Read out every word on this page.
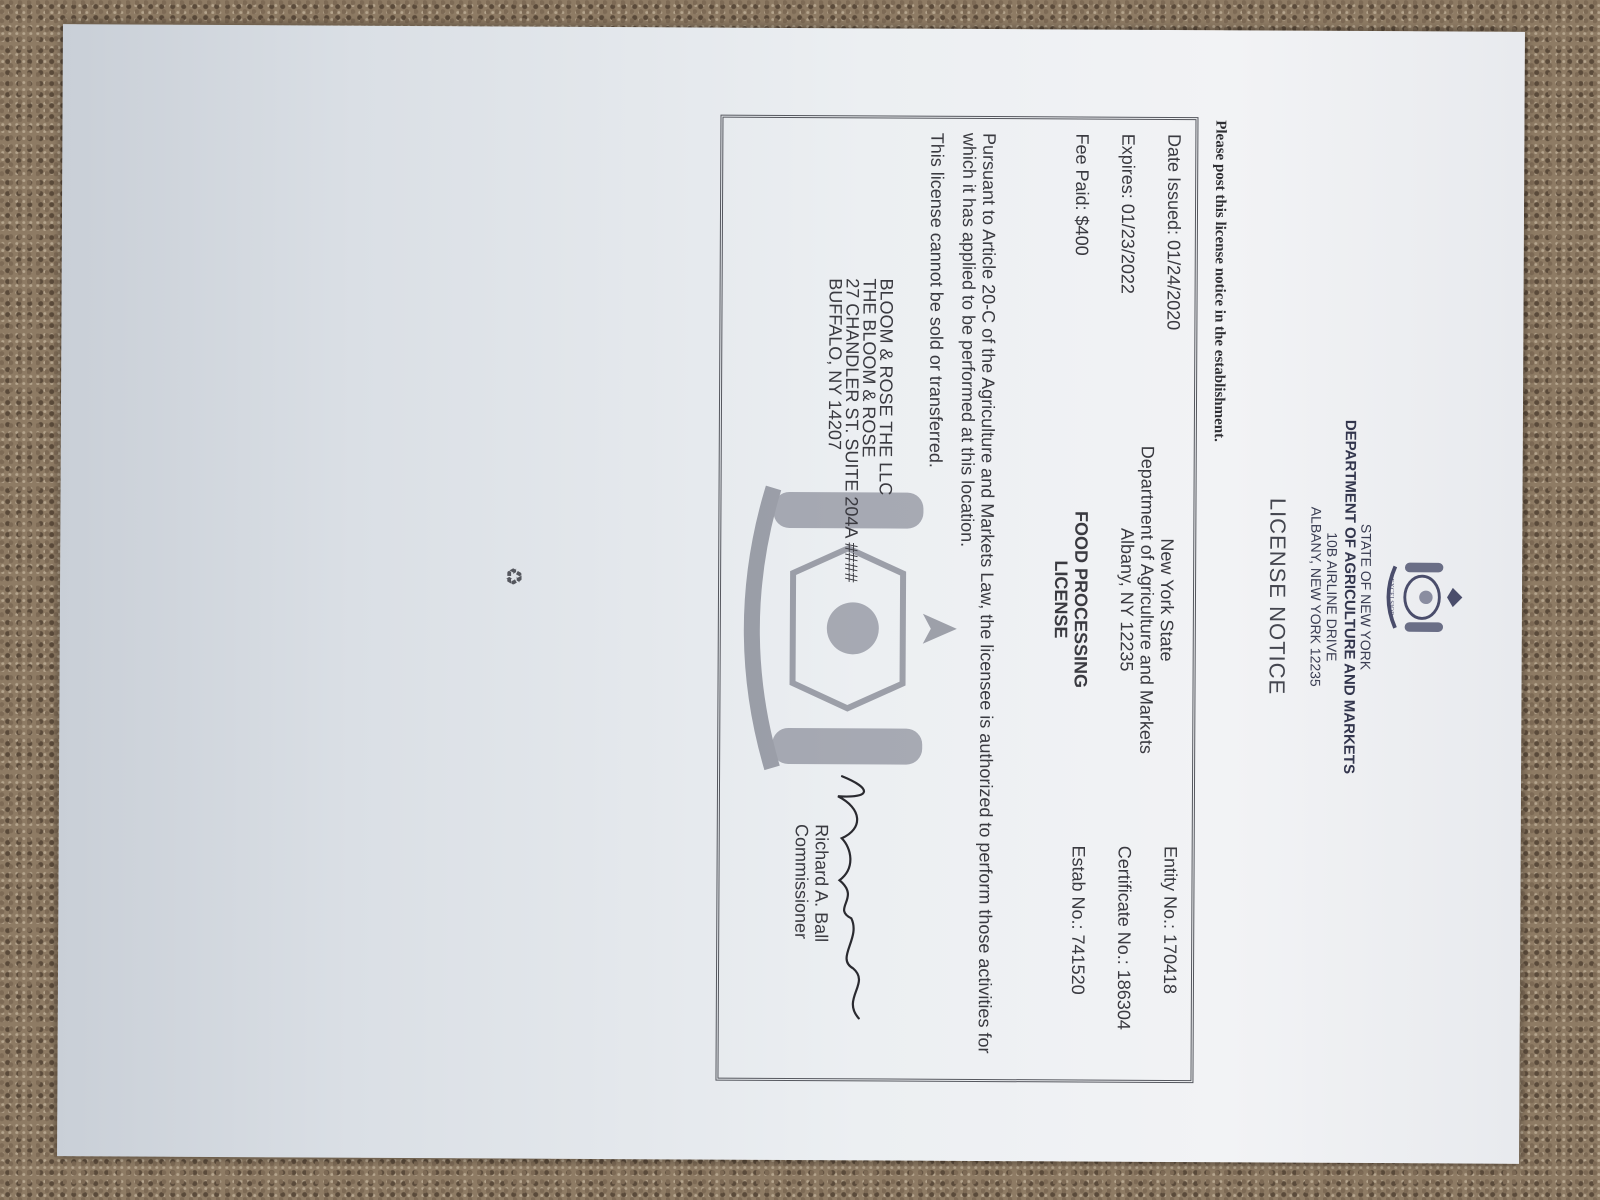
EXCELSIOR
STATE OF NEW YORK
DEPARTMENT OF AGRICULTURE AND MARKETS
10B AIRLINE DRIVE
ALBANY, NEW YORK 12235
LICENSE NOTICE
Please post this license notice in the establishment.
Date Issued: 01/24/2020
Expires: 01/23/2022
Fee Paid: $400
New York State
Department of Agriculture and Markets
Albany, NY 12235
FOOD PROCESSING
LICENSE
Entity No.: 170418
Certificate No.: 186304
Estab No.: 741520
Pursuant to Article 20-C of the Agriculture and Markets Law, the licensee is authorized to perform those activities for which it has applied to be performed at this location.
This license cannot be sold or transferred.
BLOOM & ROSE THE LLC
THE BLOOM & ROSE
27 CHANDLER ST. SUITE 204A ####
BUFFALO, NY 14207
Richard A. Ball
Commissioner
♻
